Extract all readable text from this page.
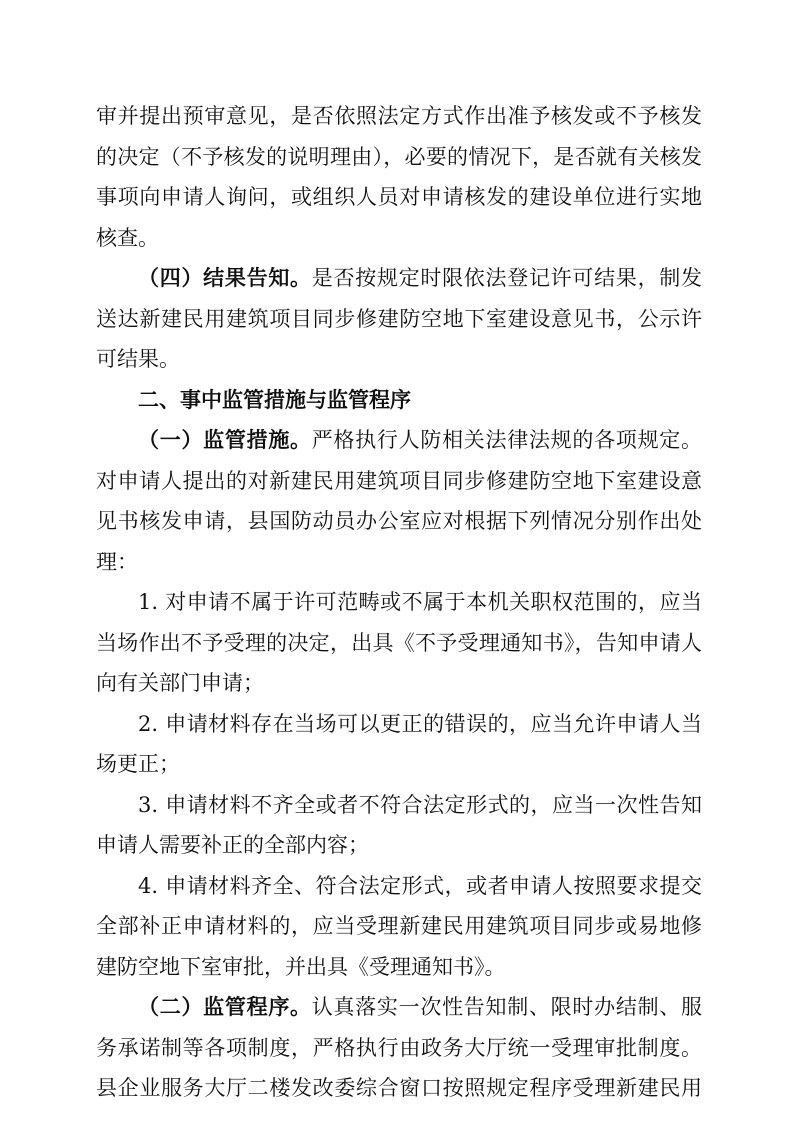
审并提出预审意见，是否依照法定方式作出准予核发或不予核发
的决定（不予核发的说明理由），必要的情况下，是否就有关核发
事项向申请人询问，或组织人员对申请核发的建设单位进行实地
核查。
（四）结果告知。是否按规定时限依法登记许可结果，制发
送达新建民用建筑项目同步修建防空地下室建设意见书，公示许
可结果。
二、事中监管措施与监管程序
（一）监管措施。严格执行人防相关法律法规的各项规定。
对申请人提出的对新建民用建筑项目同步修建防空地下室建设意
见书核发申请，县国防动员办公室应对根据下列情况分别作出处
理：
1. 对申请不属于许可范畴或不属于本机关职权范围的，应当
当场作出不予受理的决定，出具《不予受理通知书》，告知申请人
向有关部门申请；
2. 申请材料存在当场可以更正的错误的，应当允许申请人当
场更正；
3. 申请材料不齐全或者不符合法定形式的，应当一次性告知
申请人需要补正的全部内容；
4. 申请材料齐全、符合法定形式，或者申请人按照要求提交
全部补正申请材料的，应当受理新建民用建筑项目同步或易地修
建防空地下室审批，并出具《受理通知书》。
（二）监管程序。认真落实一次性告知制、限时办结制、服
务承诺制等各项制度，严格执行由政务大厅统一受理审批制度。
县企业服务大厅二楼发改委综合窗口按照规定程序受理新建民用
